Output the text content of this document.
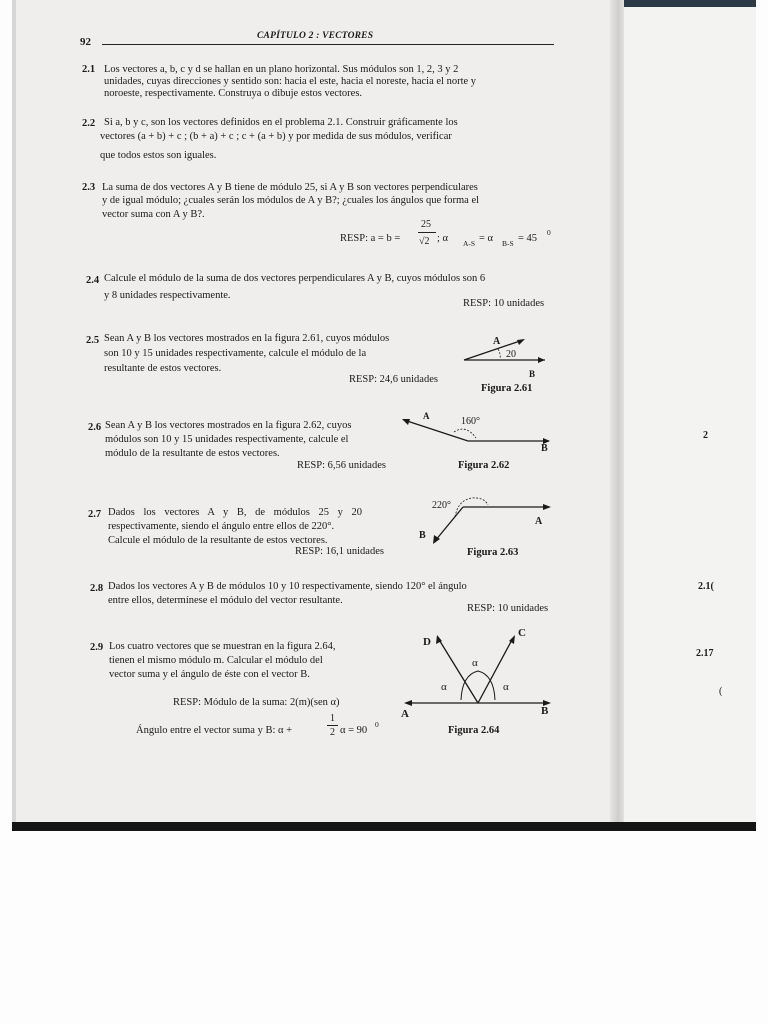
92	CAPÍTULO 2 : VECTORES
2.1 Los vectores a, b, c y d se hallan en un plano horizontal. Sus módulos son 1, 2, 3 y 2
unidades, cuyas direcciones y sentido son: hacia el este, hacia el noreste, hacia el norte y
noroeste, respectivamente. Construya o dibuje estos vectores.
2.2 Si a, b y c, son los vectores definidos en el problema 2.1. Construir gráficamente los
vectores (a + b) + c ; (b + a) + c ; c + (a + b) y por medida de sus módulos, verificar
que todos estos son iguales.
2.3 La suma de dos vectores A y B tiene de módulo 25, si A y B son vectores perpendiculares
y de igual módulo; ¿cuales serán los módulos de A y B?; ¿cuales los ángulos que forma el
vector suma con A y B?.
RESP: a = b =
25
√2 ; α A-S = α B-S = 45
0
2.4 Calcule el módulo de la suma de dos vectores perpendiculares A y B, cuyos módulos son 6
y 8 unidades respectivamente.
RESP: 10 unidades
2.5 Sean A y B los vectores mostrados en la figura 2.61, cuyos módulos
son 10 y 15 unidades respectivamente, calcule el módulo de la
resultante de estos vectores.
RESP: 24,6 unidades
Figura 2.61
A
20
B
2.6 Sean A y B los vectores mostrados en la figura 2.62, cuyos
módulos son 10 y 15 unidades respectivamente, calcule el
módulo de la resultante de estos vectores.
RESP: 6,56 unidades	Figura 2.62
A	160°
B
2.7 Dados los vectores A y B, de módulos 25 y 20
respectivamente, siendo el ángulo entre ellos de 220°.
Calcule el módulo de la resultante de estos vectores.
RESP: 16,1 unidades	Figura 2.63
220°
A
B
2.8 Dados los vectores A y B de módulos 10 y 10 respectivamente, siendo 120° el ángulo
entre ellos, determínese el módulo del vector resultante.
RESP: 10 unidades
2.9 Los cuatro vectores que se muestran en la figura 2.64,
tienen el mismo módulo m. Calcular el módulo del
vector suma y el ángulo de éste con el vector B.
RESP: Módulo de la suma: 2(m)(sen α)
Ángulo entre el vector suma y B: α +
1
2 α = 90
0
Figura 2.64
D
C
A	B
α
α	α
2
2.1(
2.17
(
